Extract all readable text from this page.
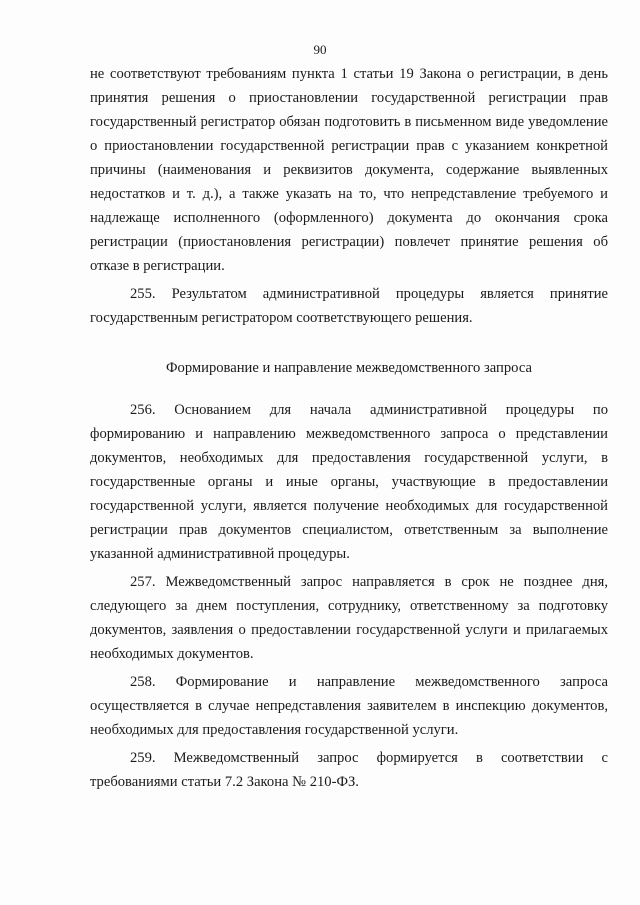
90

не соответствуют требованиям пункта 1 статьи 19 Закона о регистрации, в день принятия решения о приостановлении государственной регистрации прав государственный регистратор обязан подготовить в письменном виде уведомление о приостановлении государственной регистрации прав с указанием конкретной причины (наименования и реквизитов документа, содержание выявленных недостатков и т. д.), а также указать на то, что непредставление требуемого и надлежаще исполненного (оформленного) документа до окончания срока регистрации (приостановления регистрации) повлечет принятие решения об отказе в регистрации.

255. Результатом административной процедуры является принятие государственным регистратором соответствующего решения.

Формирование и направление межведомственного запроса

256. Основанием для начала административной процедуры по формированию и направлению межведомственного запроса о представлении документов, необходимых для предоставления государственной услуги, в государственные органы и иные органы, участвующие в предоставлении государственной услуги, является получение необходимых для государственной регистрации прав документов специалистом, ответственным за выполнение указанной административной процедуры.

257. Межведомственный запрос направляется в срок не позднее дня, следующего за днем поступления, сотруднику, ответственному за подготовку документов, заявления о предоставлении государственной услуги и прилагаемых необходимых документов.

258. Формирование и направление межведомственного запроса осуществляется в случае непредставления заявителем в инспекцию документов, необходимых для предоставления государственной услуги.

259. Межведомственный запрос формируется в соответствии с требованиями статьи 7.2 Закона № 210-ФЗ.
